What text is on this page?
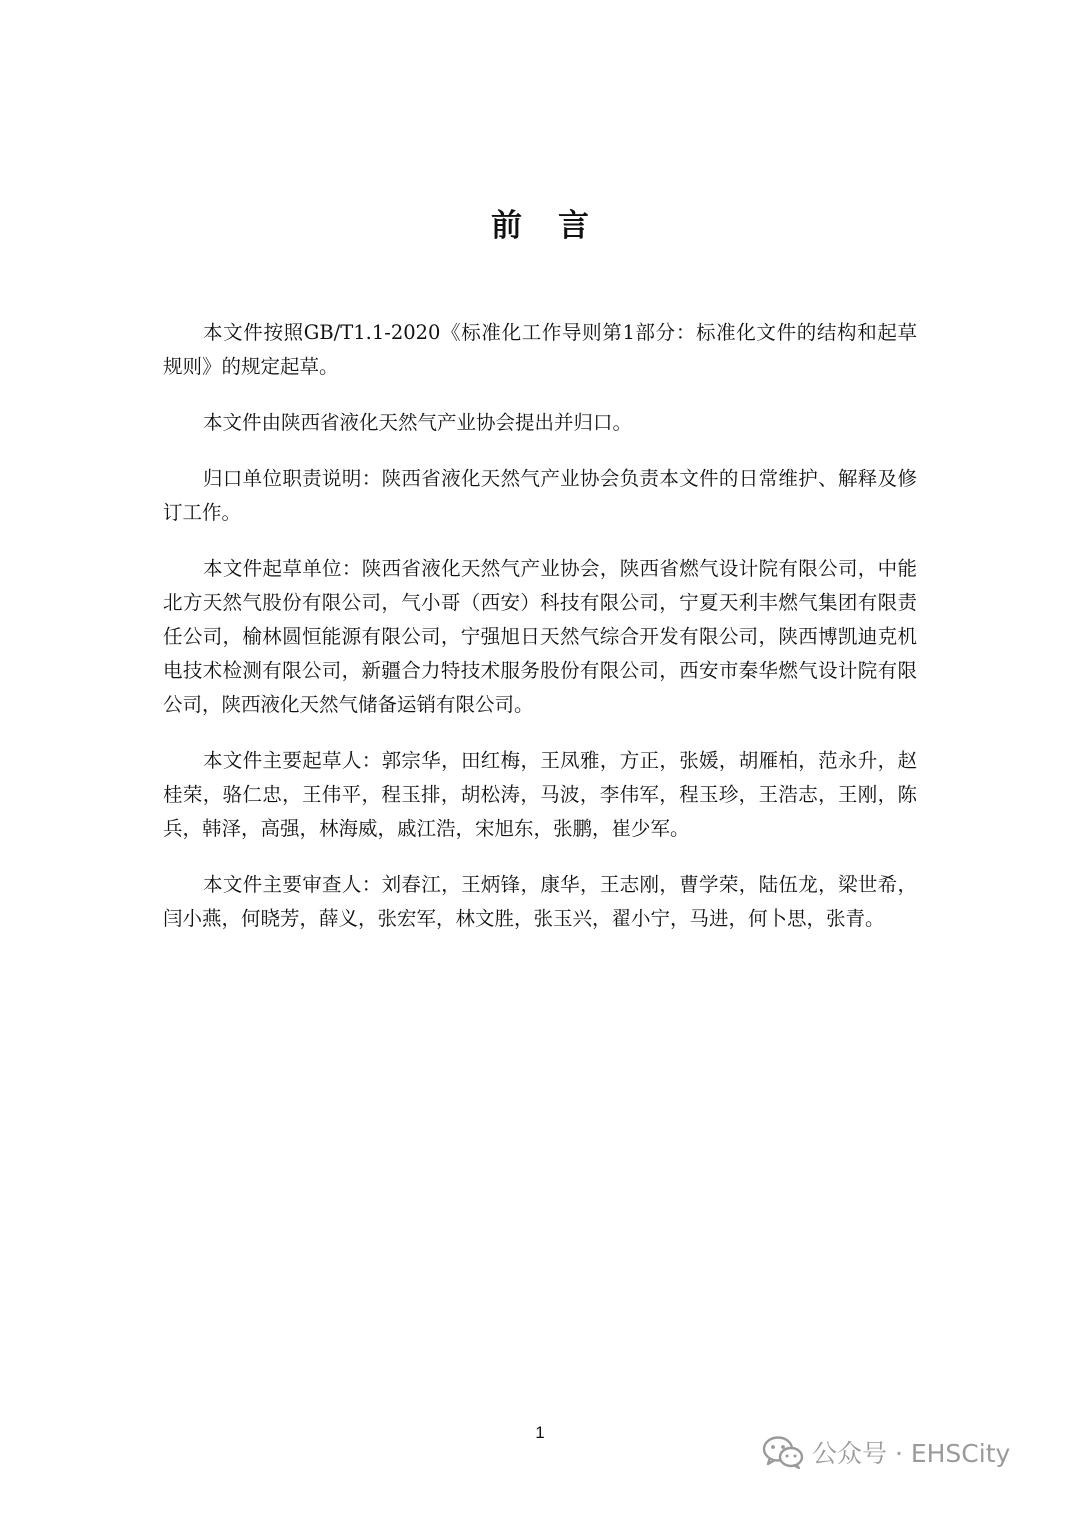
前言

本文件按照GB/T1.1-2020《标准化工作导则第1部分：标准化文件的结构和起草规则》的规定起草。

本文件由陕西省液化天然气产业协会提出并归口。

归口单位职责说明：陕西省液化天然气产业协会负责本文件的日常维护、解释及修订工作。

本文件起草单位：陕西省液化天然气产业协会，陕西省燃气设计院有限公司，中能北方天然气股份有限公司，气小哥（西安）科技有限公司，宁夏天利丰燃气集团有限责任公司，榆林圆恒能源有限公司，宁强旭日天然气综合开发有限公司，陕西博凯迪克机电技术检测有限公司，新疆合力特技术服务股份有限公司，西安市秦华燃气设计院有限公司，陕西液化天然气储备运销有限公司。

本文件主要起草人：郭宗华，田红梅，王凤雅，方正，张媛，胡雁柏，范永升，赵桂荣，骆仁忠，王伟平，程玉排，胡松涛，马波，李伟军，程玉珍，王浩志，王刚，陈兵，韩泽，高强，林海威，戚江浩，宋旭东，张鹏，崔少军。

本文件主要审查人：刘春江，王炳锋，康华，王志刚，曹学荣，陆伍龙，梁世希，闫小燕，何晓芳，薛义，张宏军，林文胜，张玉兴，翟小宁，马进，何卜思，张青。

1
公众号 · EHSCity
